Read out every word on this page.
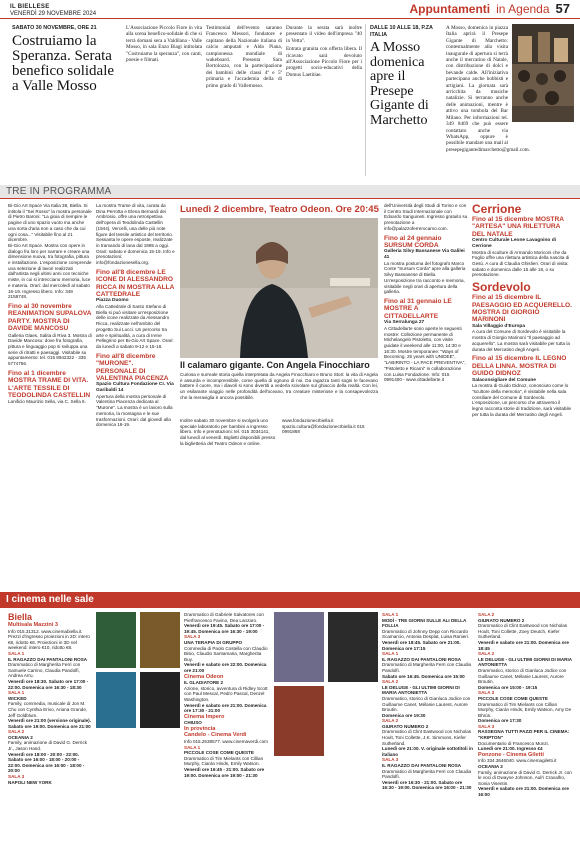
IL BIELLESE
VENERDÌ 29 NOVEMBRE 2024	Appuntamenti in Agenda 57
SABATO 30 NOVEMBRE, ORE 21
Costruiamo la Speranza. Serata benefico solidale a Valle Mosso

L'Associazione Piccolo Fiore in vita alla scena benefico-solidale di che si terrà domani sera a Valdilana - Valle Mosso, in sala Enzo Biagi intitolata "Costruiamo la speranza", con canti, poesie e filmati.

Testimonial dell'evento saranno Francesco Messori, fondatore e capitano della Nazionale italiana di calcio amputati e Aldo Piana, campionessa mondiale di wakeboard. Presenta Sara Bortolozzo, con la partecipazione dei bambini delle classi 4ª e 5ª primaria e l'accademia della di primo grado di Vallemosso.

Durante la serata sarà inoltre presentato il video dell'impresa "40 in Vetta".

Entrata gratuita con offerta libera. Il ricavato sarà devoluto all'Associazione Piccolo Fiore per i progetti socio-educativi della Domus Laetitiae.

DALLE 10 ALLE 18, P.ZA ITALIA
A Mosso domenica apre il Presepe Gigante di Marchetto

A Mosso, domenica in piazza Italia aprirà il Presepe Gigante di Marchetto: contestualmente alla visita inaugurale di apertura si terrà anche il mercatino di Natale, con distribuzione di dolci e bevande calde. All'iniziativa partecipano anche hobbisti e artigiani. La giornata sarà arricchita da musiche natalizie. Si terranno anche delle animazioni, mentre è attivo una tombola del Bar Milano. Per informazioni tel. 349 8469 che può essere contattato anche via WhatsApp, oppure è possibile mandare una mail al presepegigantedimarchetto@gmail.com.

TRE IN PROGRAMMA

Bi-Gio Art Space Via Italia 38, Biella. Si intitola il "Sei Rosso" la mostra personale di Pietro Baroni: "La gioia di riempire le pagine di uno spazio vuoto ma anche una sorta d'aria non a caso che da cui ogni cosa..." Visitabile fino al 21 dicembre.

Bi-Gio Art Space. Mostra con opere in dialogo fra loro per narrare e creare una dimensione nuova, tra fotografia, pittura e installazione. L'esposizione comprende una selezione di lavori realizzati dall'artista negli ultimi anni con tecniche miste, in cui si intrecciano memoria, luce e materia. Orari: dal mercoledì al sabato 16-19. Ingresso libero. Info: 349 2158748.

Fino al 30 novembre REANIMATION SUPALOVA PARTY. MOSTRA DI DAVIDE MANCOSU

Galleria Glaes, Salita di Riva 3. Mostra di Davide Mancosu: dove fra fotografia, pittura e linguaggio pop si sviluppa una serie di ritratti e paesaggi. Visitabile su appuntamento: tel. 015 8942322 - 335 5774756.

Fino al 1 dicembre MOSTRA TRAME DI VITA. L'ARTE TESSILE DI TEODOLINDA CASTELLIN

Lanificio Maurizio Sella, via C. Sella 6.

La mostra Trame di vita, curata da Dina Perrotta e Elena Bernardi dei Ambrosio, offre una retrospettiva dell'opera di Teodolinda Castellin (1944), Vercelli, una delle più note figure del tessile artistico del territorio. Sessanta le opere esposte, realizzate in tramando di lana dal 1985 a oggi. Orari: sabato e domenica 15-19. Info e prenotazioni: info@fondazionesella.org.

Fino all'8 dicembre LE ICONE DI ALESSANDRO RICCA IN MOSTRA ALLA CATTEDRALE
Piazza Duomo

Alla Cattedrale di Santo Stefano di Biella si può visitare un'esposizione delle icone realizzate da Alessandro Ricca, realizzate nell'ambito del progetto Sui Lucci. Un percorso tra arte e spiritualità, a cura di Irene Pellegrino per Bi-Gio Art Space. Orari: da lunedì a sabato 9-12 e 15-18.

Fino all'8 dicembre "MURONE". PERSONALE DI VALENTINA PIACENZA
Spazio Cultura Fondazione Cr. Via Garibaldi 14

Apertura della mostra personale di Valentina Piacenza dedicata al "Murone". La mostra è un lavoro sulla memoria, la montagna e le sue trasformazioni. Orari: dal giovedì alla domenica 16-19.

Lunedì 2 dicembre, Teatro Odeon. Ore 20:45
Il calamaro gigante. Con Angela Finocchiaro

Curiosa e surreale storia quella interpretata da Angela Finocchiaro e Bruno Stori: la vita di Angela è assurda e incomprensibile, come quella di ognuno di noi. Da ragazza tanti sogni le facevano battere il cuore, ma i diavoli si sono divertiti a vederla scivolare sul ghiaccio della realtà. Con lei, un esilarante viaggio nelle profondità dell'oceano, tra creature misteriose e la consapevolezza che la meraviglia è ancora possibile.

Inoltre sabato 30 novembre si svolgerà uno speciale laboratorio per bambini a ingresso libero. Info e prenotazioni: tel. 015 3034141, dal lunedì al venerdì. Biglietti disponibili presso la biglietteria del Teatro Odeon e online.

www.fondazionecrbiella.it spazio.cultura@fondazionecrbiella.it 015 0991868

dell'Università degli Studi di Torino e con il Centro Studi Internazionale con Edoardo Sanguineti. Ingresso gratuito su prenotazione a info@palazzoferrerocamo.com.

Fino al 24 gennaio SURSUM CORDA
Galleria Silvy Bassanese Via Galilei 41

La mostra postuma del fotografo Marco Conte "Sursum Corda" apre alla galleria Silvy Bassanese di Biella. Un'esposizione tra racconto e memoria, visitabile negli orari di apertura della galleria.

Fino al 31 gennaio LE MOSTRE A CITTADELLARTE
Via Serralunga 27

A Cittadellarte sono aperte le seguenti mostre: Collezione permanente di Michelangelo Pistoletto, con visite guidate il weekend alle 11:00, 14:30 e 16:30. Mostre temporanee: "Ways of Becoming, 25 years with UNIDEE", "LABIRINTO - LA PACE PREVENTIVA", "Pistoletto e Ricami" in collaborazione con Luisa Fondazione. Info: 015 0991400 - www.cittadellarte.it

Cerrione
Fino al 15 dicembre MOSTRA "ARTESA" UNA RILETTURA DEL NATALE
Centro Culturale Leone Lavagnino di Cerrione

Mostra di sculture di Armando Moriconi che da Foglio offre una rilettura artistica della nascita di Gesù. A cura di Claudia Ghislieri. Orari di visita: sabato e domenica dalle 15 alle 18, o su prenotazione.

Sordevolo
Fino al 15 dicembre IL PAESAGGIO ED ACQUERELLO. MOSTRA DI GIORGIO MARINONI
Sala Villaggio d'Europa

A cura del Comune di Sordevolo è visitabile la mostra di Giorgio Marinoni "Il paesaggio ad acquerello". La mostra sarà visitabile per tutta la durata del Mercatino degli Angeli.

Fino al 15 dicembre IL LEGNO DELLA LINNA. MOSTRA DI GUIDO DIDNOZ
Salaconsigliare del Comune

La mostra di Guido Didnoz, conosciuto come lo "scultore della memoria", è visitabile nella sala consiliare del Comune di Sordevolo. L'esposizione, un percorso che attraverso il legno racconta storie di tradizione, sarà visitabile per tutta la durata del Mercatino degli Angeli.

I cinema nelle sale
Biella
Multisala Mazzini 3

Info 015.31312. www.cinemabiella.it. Prezzi d'ingresso proiezioni in 2D: intero €8, ridotto €6. Proiezioni in 3D nel weekend: intero €10, ridotto €8.

SALA 1
IL RAGAZZO DAI PANTALONI ROSA

Drammatico di Margherita Ferri con Samuele Carrino, Claudia Pandolfi, Andrea Arru.

Venerdì ore 18:30. Sabato ore 17:00 - 22:00. Domenica ore 16:30 - 18:30

SALA 1
WICKED

Family, commedia, musicale di Jon M. Chu con Cynthia Erivo, Ariana Grande, Jeff Goldblum.

Venerdì ore 21:00 (versione originale). Sabato ore 19:00. Domenica ore 21:00

SALA 2
OCEANIA 2

Family, animazione di David G. Derrick Jr., Jason Hand.

Venerdì ore 18:00 - 20:00 - 22:00. Sabato ore 16:00 - 18:00 - 20:00 - 22:00. Domenica ore 16:00 - 18:00 - 20:00

SALA 3
NAPOLI NEW YORK

Drammatico di Gabriele Salvatores con Pierfrancesco Favino, Dea Lanzaro.

Venerdì ore 19:45. Sabato ore 17:00 - 19:45. Domenica ore 16:30 - 19:00

SALA 3
UNA TERAPIA DI GRUPPO

Commedia di Paolo Costella con Claudio Bisio, Claudio Santamaria, Margherita Buy.

Venerdì e sabato ore 22:00. Domenica ore 21:00

Cinema Odeon
IL GLADIATORE 2

Azione, storico, avventura di Ridley Scott con Paul Mescal, Pedro Pascal, Denzel Washington.

Venerdì e sabato ore 21:00. Domenica ore 17:30 - 21:00

Cinema Impero
CHIUSO
In provincia
Candelo - Cinema Verdi

Info 015.2538577. www.cinemaverdi.com

SALA 1
PICCOLE COSE COME QUESTE

Drammatico di Tim Mielants con Cillian Murphy, Ciarán Hinds, Emily Watson.

Venerdì ore 16:45 - 21:00. Sabato ore 19:00. Domenica ore 19:00 - 21:30

SALA 1
MODÌ - TRE GIORNI SULLE ALI DELLA FOLLIA

Drammatico di Johnny Depp con Riccardo Scamarcio, Antonia Desplat, Luisa Ranieri.

Venerdì ore 18:45. Sabato ore 21:00. Domenica ore 17:15

SALA 1
IL RAGAZZO DAI PANTALONI ROSA

Drammatico di Margherita Ferri con Claudia Pandolfi.

Sabato ore 16:45. Domenica ore 15:00

SALA 2
LE DELUGE - GLI ULTIMI GIORNI DI MARIA ANTONIETTA

Drammatico, storico di Gianluca Jodice con Guillaume Canet, Mélanie Laurent, Aurore Broutin.

Domenica ore 19:30

SALA 2
GIURATO NUMERO 2

Drammatico di Clint Eastwood con Nicholas Hoult, Toni Collette, J.K. Simmons, Kiefer Sutherland.

Lunedì ore 21:00. V. originale sottotitoli in italiano

SALA 3
IL RAGAZZO DAI PANTALONI ROSA

Drammatico di Margherita Ferri con Claudia Pandolfi.

Venerdì ore 16:30 - 21:00. Sabato ore 16:30 - 19:00. Domenica ore 16:00 - 21:30

SALA 2
GIURATO NUMERO 2

Drammatico di Clint Eastwood con Nicholas Hoult, Toni Collette, Zoey Deutch, Kiefer Sutherland.

Venerdì e sabato ore 21:00. Domenica ore 18:45

SALA 2
LE DELUGE - GLI ULTIMI GIORNI DI MARIA ANTONIETTA

Drammatico, storico di Gianluca Jodice con Guillaume Canet, Mélanie Laurent, Aurore Broutin.

Domenica ore 15:00 - 19:15

SALA 3
PICCOLE COSE COME QUESTE

Drammatico di Tim Mielants con Cillian Murphy, Ciarán Hinds, Emily Watson, Amy De Bhrún.

Domenica ore 17:30

SALA 3
RASSEGNA TUTTI PAZZI PER IL CINEMA: "KRIPTON"

Documentario di Francesco Munzi.

Lunedì ore 21:00. Ingresso €4

Ponzone - Cinema Giletti

Info 334.3646040. www.cinemagiletti.it

OCEANIA 2

Family, animazione di David G. Derrick Jr. con le voci di Dwayne Johnson, Auli'i Cravalho, Sonia Visentin.

Venerdì e sabato ore 21:00. Domenica ore 16:00
